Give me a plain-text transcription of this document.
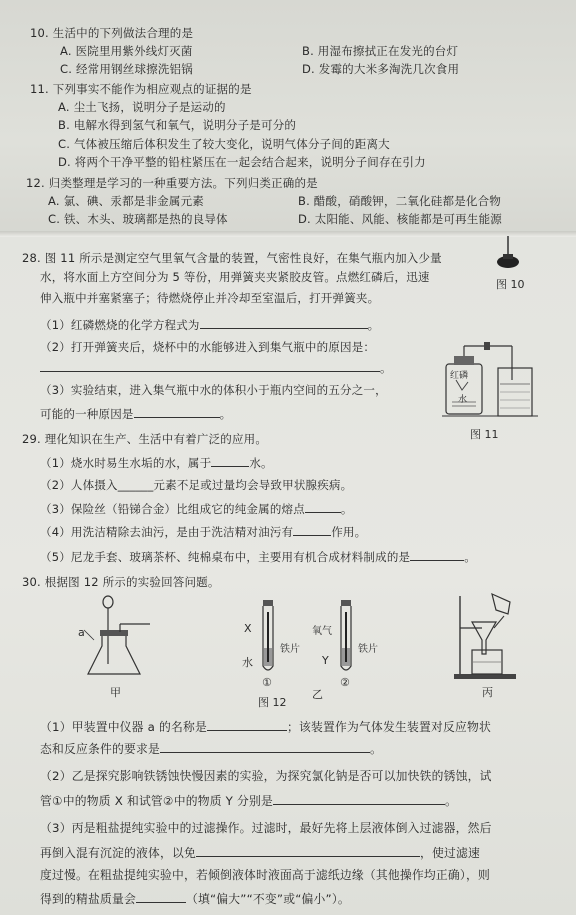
10. 生活中的下列做法合理的是
A. 医院里用紫外线灯灭菌	B. 用湿布擦拭正在发光的台灯
C. 经常用钢丝球擦洗铝锅	D. 发霉的大米多淘洗几次食用
11. 下列事实不能作为相应观点的证据的是
A. 尘土飞扬，说明分子是运动的
B. 电解水得到氢气和氧气，说明分子是可分的
C. 气体被压缩后体积发生了较大变化，说明气体分子间的距离大
D. 将两个干净平整的铅柱紧压在一起会结合起来，说明分子间存在引力
12. 归类整理是学习的一种重要方法。下列归类正确的是
A. 氯、碘、汞都是非金属元素	B. 醋酸，硝酸钾，二氧化硅都是化合物
C. 铁、木头、玻璃都是热的良导体	D. 太阳能、风能、核能都是可再生能源
28. 图 11 所示是测定空气里氧气含量的装置，气密性良好，在集气瓶内加入少量
水，将水面上方空间分为 5 等份，用弹簧夹夹紧胶皮管。点燃红磷后，迅速
伸入瓶中并塞紧塞子；待燃烧停止并冷却至室温后，打开弹簧夹。
图 10
（1）红磷燃烧的化学方程式为	。
（2）打开弹簧夹后，烧杯中的水能够进入到集气瓶中的原因是：
。
（3）实验结束，进入集气瓶中水的体积小于瓶内空间的五分之一，
可能的一种原因是	。
红磷
水
图 11
29. 理化知识在生产、生活中有着广泛的应用。
（1）烧水时易生水垢的水，属于	水。
（2）人体摄入______元素不足或过量均会导致甲状腺疾病。
（3）保险丝（铅锑合金）比组成它的纯金属的熔点	。
（4）用洗洁精除去油污，是由于洗洁精对油污有	作用。
（5）尼龙手套、玻璃茶杯、纯棉桌布中，主要用有机合成材料制成的是	。
30. 根据图 12 所示的实验回答问题。
a
甲
X
水
铁片
①
氧气
Y
铁片
②
图 12
乙	丙
（1）甲装置中仪器 a 的名称是	；该装置作为气体发生装置对反应物状
态和反应条件的要求是	。
（2）乙是探究影响铁锈蚀快慢因素的实验，为探究氯化钠是否可以加快铁的锈蚀，试
管①中的物质 X 和试管②中的物质 Y 分别是	。
（3）丙是粗盐提纯实验中的过滤操作。过滤时，最好先将上层液体倒入过滤器，然后
再倒入混有沉淀的液体，以免	，使过滤速
度过慢。在粗盐提纯实验中，若倾倒液体时液面高于滤纸边缘（其他操作均正确），则
得到的精盐质量会	（填“偏大”“不变”或“偏小”）。
